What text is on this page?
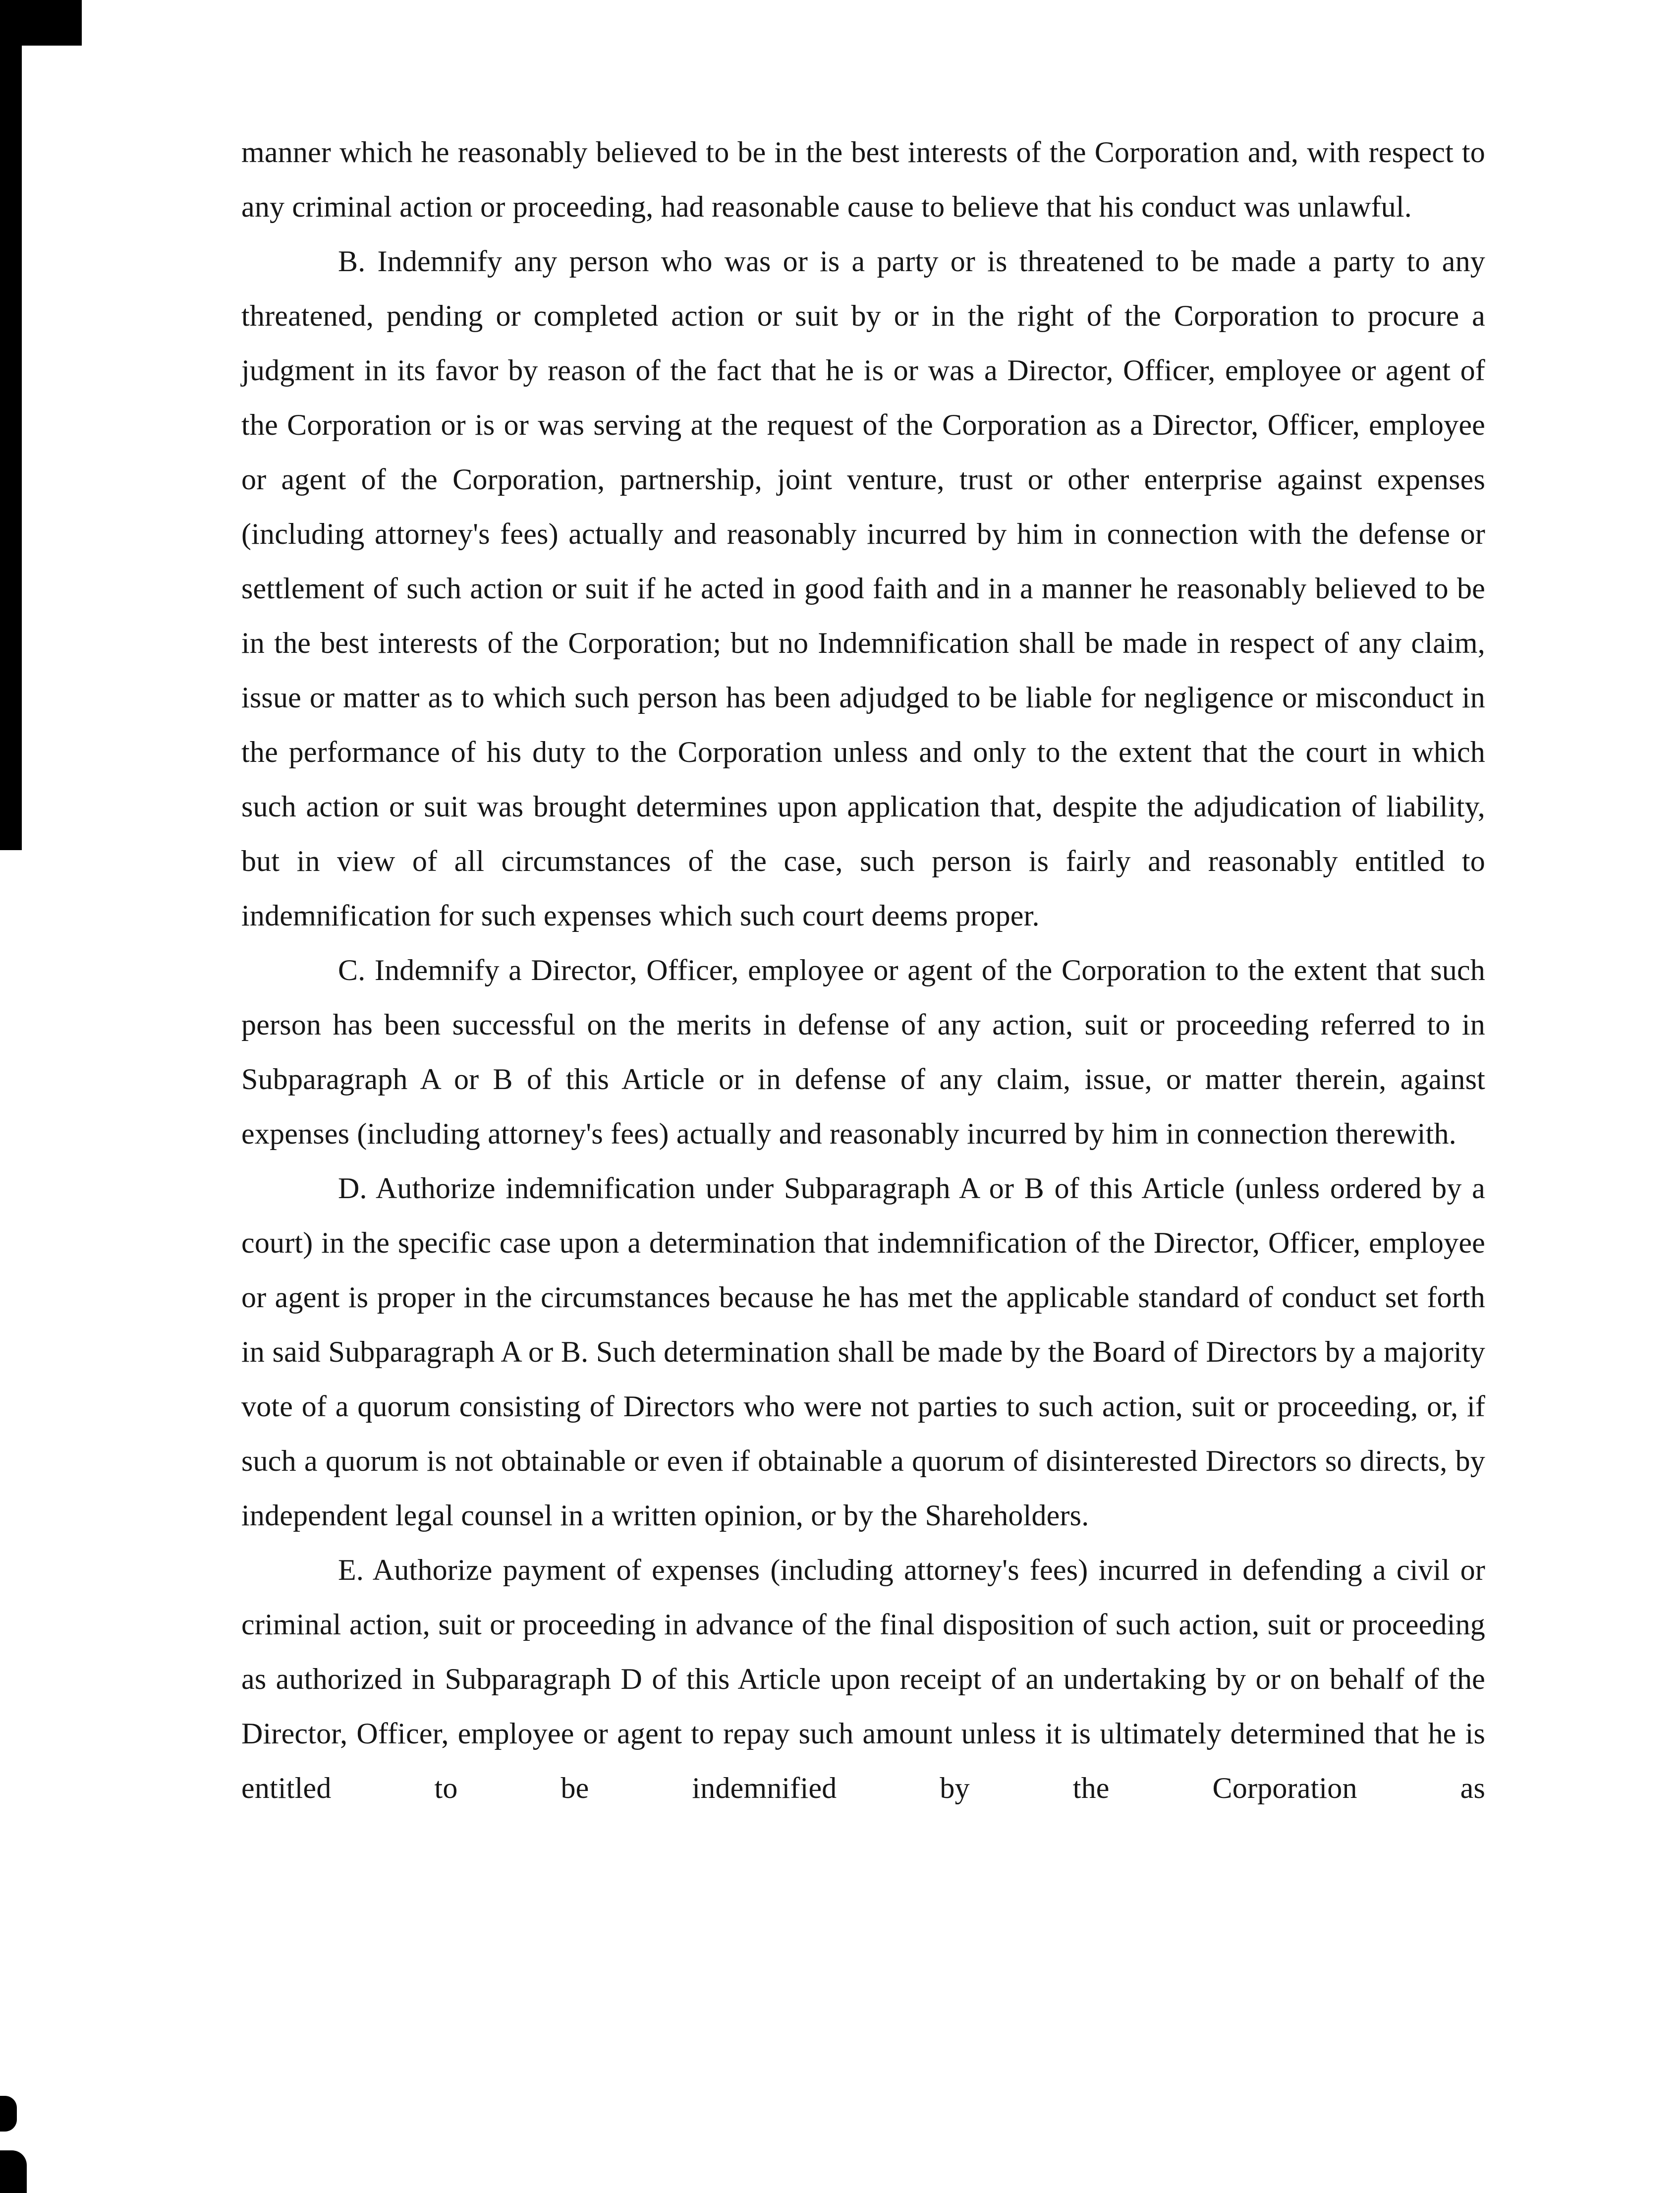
manner which he reasonably believed to be in the best interests of the Corporation and, with respect to any criminal action or proceeding, had reasonable cause to believe that his conduct was unlawful.

B. Indemnify any person who was or is a party or is threatened to be made a party to any threatened, pending or completed action or suit by or in the right of the Corporation to procure a judgment in its favor by reason of the fact that he is or was a Director, Officer, employee or agent of the Corporation or is or was serving at the request of the Corporation as a Director, Officer, employee or agent of the Corporation, partnership, joint venture, trust or other enterprise against expenses (including attorney's fees) actually and reasonably incurred by him in connection with the defense or settlement of such action or suit if he acted in good faith and in a manner he reasonably believed to be in the best interests of the Corporation; but no Indemnification shall be made in respect of any claim, issue or matter as to which such person has been adjudged to be liable for negligence or misconduct in the performance of his duty to the Corporation unless and only to the extent that the court in which such action or suit was brought determines upon application that, despite the adjudication of liability, but in view of all circumstances of the case, such person is fairly and reasonably entitled to indemnification for such expenses which such court deems proper.

C. Indemnify a Director, Officer, employee or agent of the Corporation to the extent that such person has been successful on the merits in defense of any action, suit or proceeding referred to in Subparagraph A or B of this Article or in defense of any claim, issue, or matter therein, against expenses (including attorney's fees) actually and reasonably incurred by him in connection therewith.

D. Authorize indemnification under Subparagraph A or B of this Article (unless ordered by a court) in the specific case upon a determination that indemnification of the Director, Officer, employee or agent is proper in the circumstances because he has met the applicable standard of conduct set forth in said Subparagraph A or B. Such determination shall be made by the Board of Directors by a majority vote of a quorum consisting of Directors who were not parties to such action, suit or proceeding, or, if such a quorum is not obtainable or even if obtainable a quorum of disinterested Directors so directs, by independent legal counsel in a written opinion, or by the Shareholders.

E. Authorize payment of expenses (including attorney's fees) incurred in defending a civil or criminal action, suit or proceeding in advance of the final disposition of such action, suit or proceeding as authorized in Subparagraph D of this Article upon receipt of an undertaking by or on behalf of the Director, Officer, employee or agent to repay such amount unless it is ultimately determined that he is entitled to be indemnified by the Corporation as
